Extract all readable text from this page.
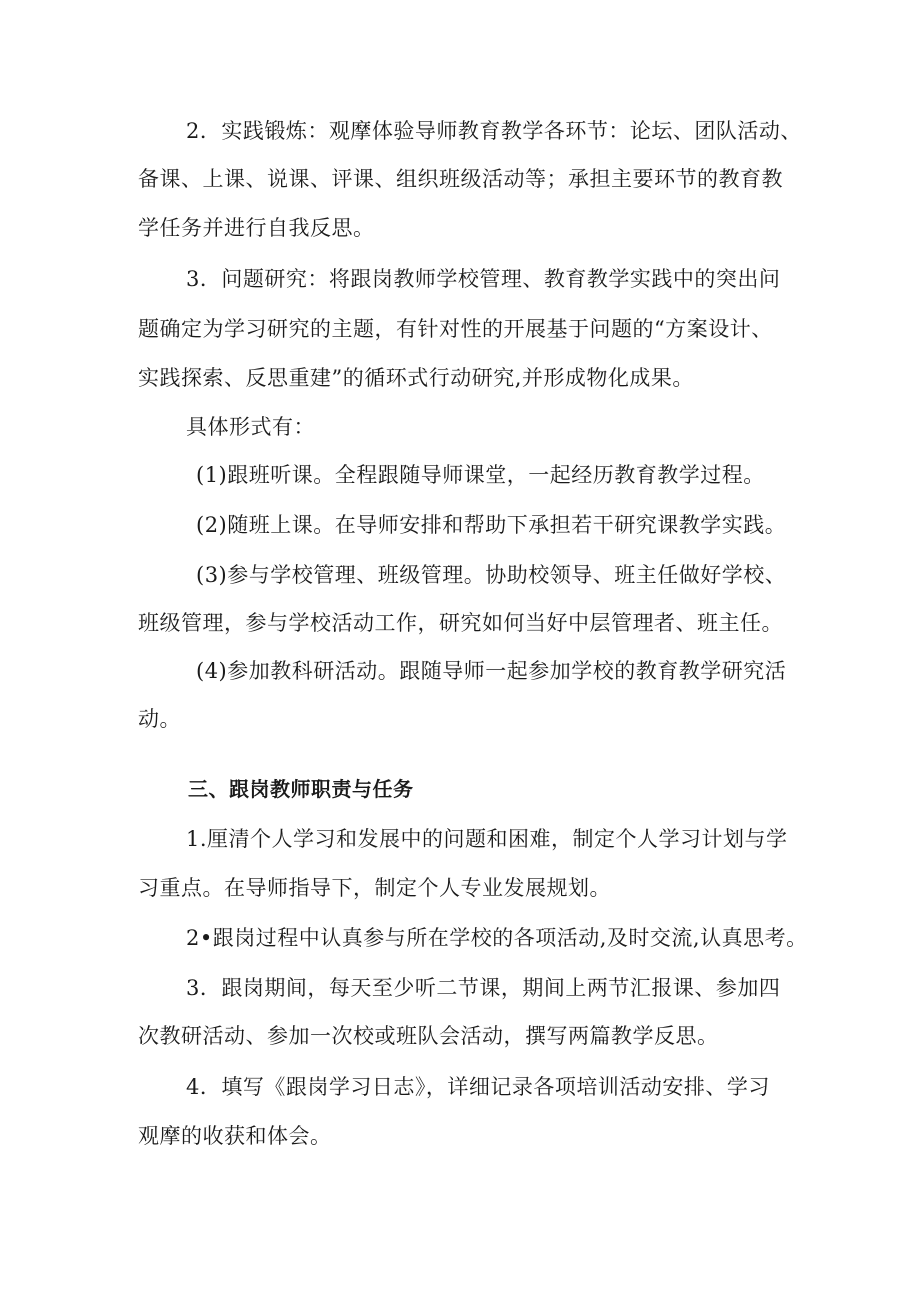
2．实践锻炼：观摩体验导师教育教学各环节：论坛、团队活动、
备课、上课、说课、评课、组织班级活动等；承担主要环节的教育教
学任务并进行自我反思。
3．问题研究：将跟岗教师学校管理、教育教学实践中的突出问
题确定为学习研究的主题，有针对性的开展基于问题的“方案设计、
实践探索、反思重建”的循环式行动研究,并形成物化成果。
具体形式有：
(1)跟班听课。全程跟随导师课堂，一起经历教育教学过程。
(2)随班上课。在导师安排和帮助下承担若干研究课教学实践。
(3)参与学校管理、班级管理。协助校领导、班主任做好学校、
班级管理，参与学校活动工作，研究如何当好中层管理者、班主任。
(4)参加教科研活动。跟随导师一起参加学校的教育教学研究活
动。
三、跟岗教师职责与任务
1.厘清个人学习和发展中的问题和困难，制定个人学习计划与学
习重点。在导师指导下，制定个人专业发展规划。
2•跟岗过程中认真参与所在学校的各项活动,及时交流,认真思考。
3．跟岗期间，每天至少听二节课，期间上两节汇报课、参加四
次教研活动、参加一次校或班队会活动，撰写两篇教学反思。
4．填写《跟岗学习日志》，详细记录各项培训活动安排、学习
观摩的收获和体会。
